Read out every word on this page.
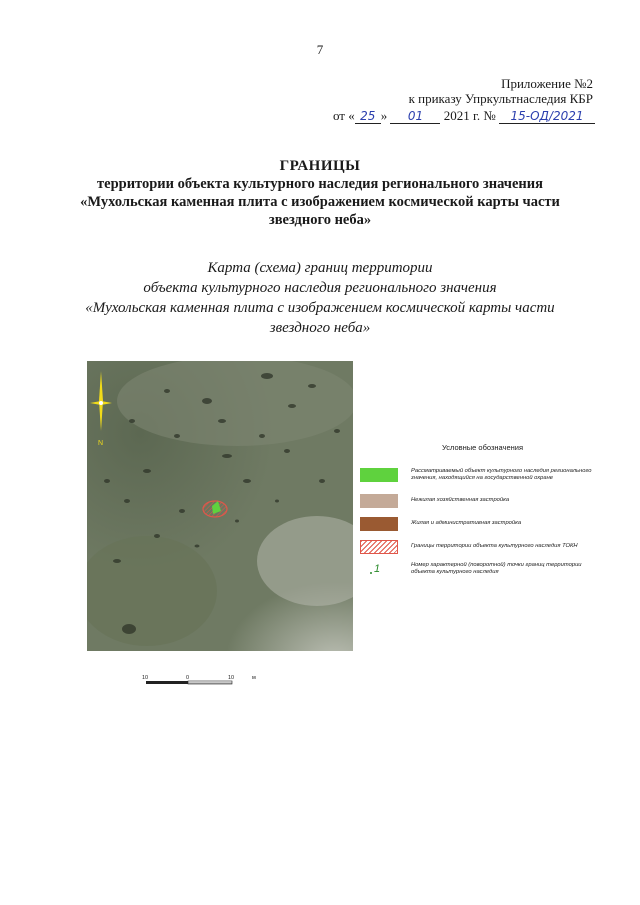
7
Приложение №2
к приказу Упркультнаследия КБР
от « 25 » 01 2021 г. № 15-ОД/2021
ГРАНИЦЫ
территории объекта культурного наследия регионального значения
«Мухольская каменная плита с изображением космической карты части
звездного неба»
Карта (схема) границ территории
объекта культурного наследия регионального значения
«Мухольская каменная плита с изображением космической карты части
звездного неба»
N
10	0	10	м
Условные обозначения
Рассматриваемый объект культурного наследия регионального значения, находящийся на государственной охране
Нежилая хозяйственная застройка
Жилая и административная застройка
Границы территории объекта культурного наследия ТОКН
1	Номер характерной (поворотной) точки границ территории объекта культурного наследия
